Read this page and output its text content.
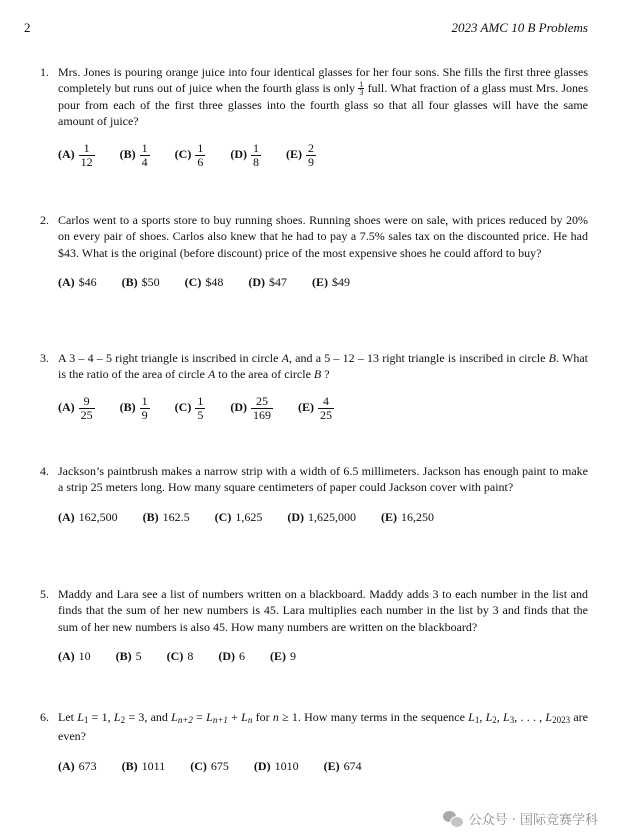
2	2023 AMC 10 B Problems
1. Mrs. Jones is pouring orange juice into four identical glasses for her four sons. She fills the first three glasses completely but runs out of juice when the fourth glass is only $\frac{1}{3}$ full. What fraction of a glass must Mrs. Jones pour from each of the first three glasses into the fourth glass so that all four glasses will have the same amount of juice?
$(A) \frac{1}{12} (B) \frac{1}{4} (C) \frac{1}{6} (D) \frac{1}{8} (E) \frac{2}{9}$
2. Carlos went to a sports store to buy running shoes. Running shoes were on sale, with prices reduced by 20% on every pair of shoes. Carlos also knew that he had to pay a 7.5% sales tax on the discounted price. He had $43. What is the original (before discount) price of the most expensive shoes he could afford to buy?
(A) $46 (B) $50 (C) $48 (D) $47 (E) $49
3. A 3 – 4 – 5 right triangle is inscribed in circle A, and a 5 – 12 – 13 right triangle is inscribed in circle B. What is the ratio of the area of circle A to the area of circle B ?
$(A) \frac{9}{25} (B) \frac{1}{9} (C) \frac{1}{5} (D) \frac{25}{169} (E) \frac{4}{25}$
4. Jackson’s paintbrush makes a narrow strip with a width of 6.5 millimeters. Jackson has enough paint to make a strip 25 meters long. How many square centimeters of paper could Jackson cover with paint?
(A) 162,500 (B) 162.5 (C) 1,625 (D) 1,625,000 (E) 16,250
5. Maddy and Lara see a list of numbers written on a blackboard. Maddy adds 3 to each number in the list and finds that the sum of her new numbers is 45. Lara multiplies each number in the list by 3 and finds that the sum of her new numbers is also 45. How many numbers are written on the blackboard?
(A) 10 (B) 5 (C) 8 (D) 6 (E) 9
6. Let $L_1 = 1$, $L_2 = 3$, and $L_{n+2} = L_{n+1} + L_n$ for n ≥ 1. How many terms in the sequence $L_1$, $L_2$, $L_3$, . . . , $L_{2023}$ are even?
(A) 673 (B) 1011 (C) 675 (D) 1010 (E) 674
公众号 · 国际竞赛学科
